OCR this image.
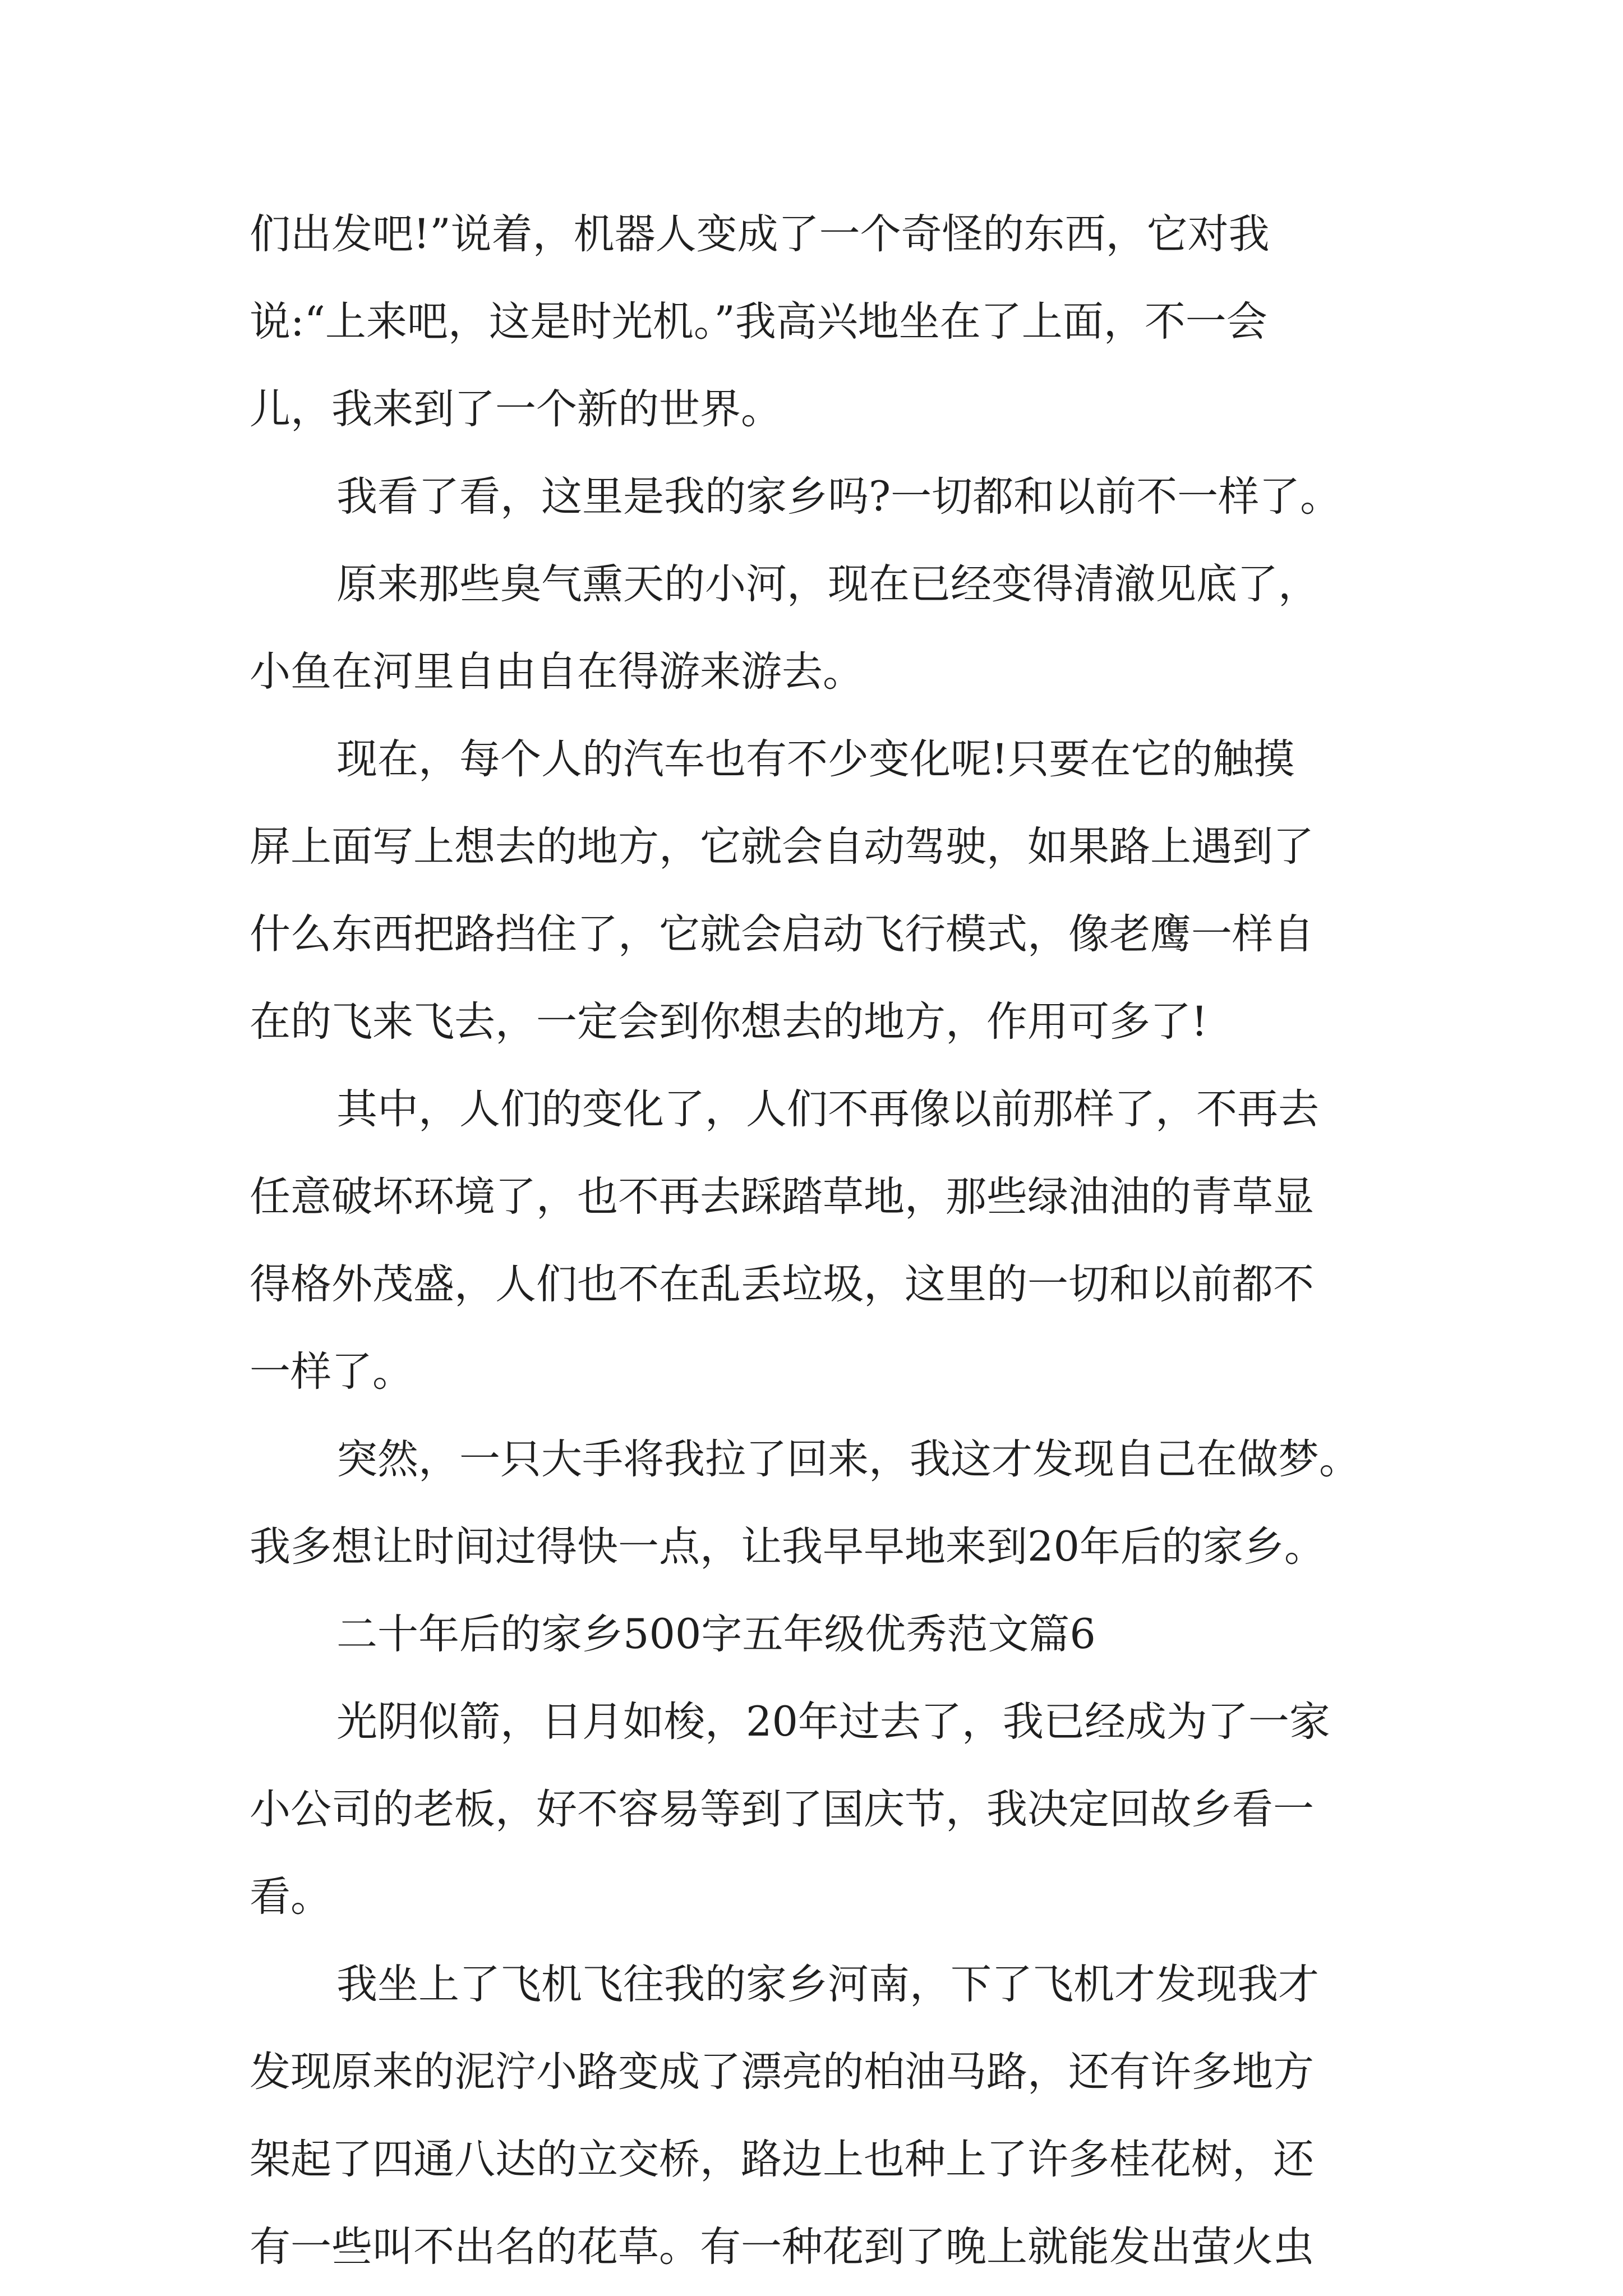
们出发吧!”说着，机器人变成了一个奇怪的东西，它对我
说:“上来吧，这是时光机。”我高兴地坐在了上面，不一会
儿，我来到了一个新的世界。
我看了看，这里是我的家乡吗?一切都和以前不一样了。
原来那些臭气熏天的小河，现在已经变得清澈见底了，
小鱼在河里自由自在得游来游去。
现在，每个人的汽车也有不少变化呢!只要在它的触摸
屏上面写上想去的地方，它就会自动驾驶，如果路上遇到了
什么东西把路挡住了，它就会启动飞行模式，像老鹰一样自
在的飞来飞去，一定会到你想去的地方，作用可多了!
其中，人们的变化了，人们不再像以前那样了，不再去
任意破坏环境了，也不再去踩踏草地，那些绿油油的青草显
得格外茂盛，人们也不在乱丢垃圾，这里的一切和以前都不
一样了。
突然，一只大手将我拉了回来，我这才发现自己在做梦。
我多想让时间过得快一点，让我早早地来到20年后的家乡。
二十年后的家乡500字五年级优秀范文篇6
光阴似箭，日月如梭，20年过去了，我已经成为了一家
小公司的老板，好不容易等到了国庆节，我决定回故乡看一
看。
我坐上了飞机飞往我的家乡河南，下了飞机才发现我才
发现原来的泥泞小路变成了漂亮的柏油马路，还有许多地方
架起了四通八达的立交桥，路边上也种上了许多桂花树，还
有一些叫不出名的花草。有一种花到了晚上就能发出萤火虫
